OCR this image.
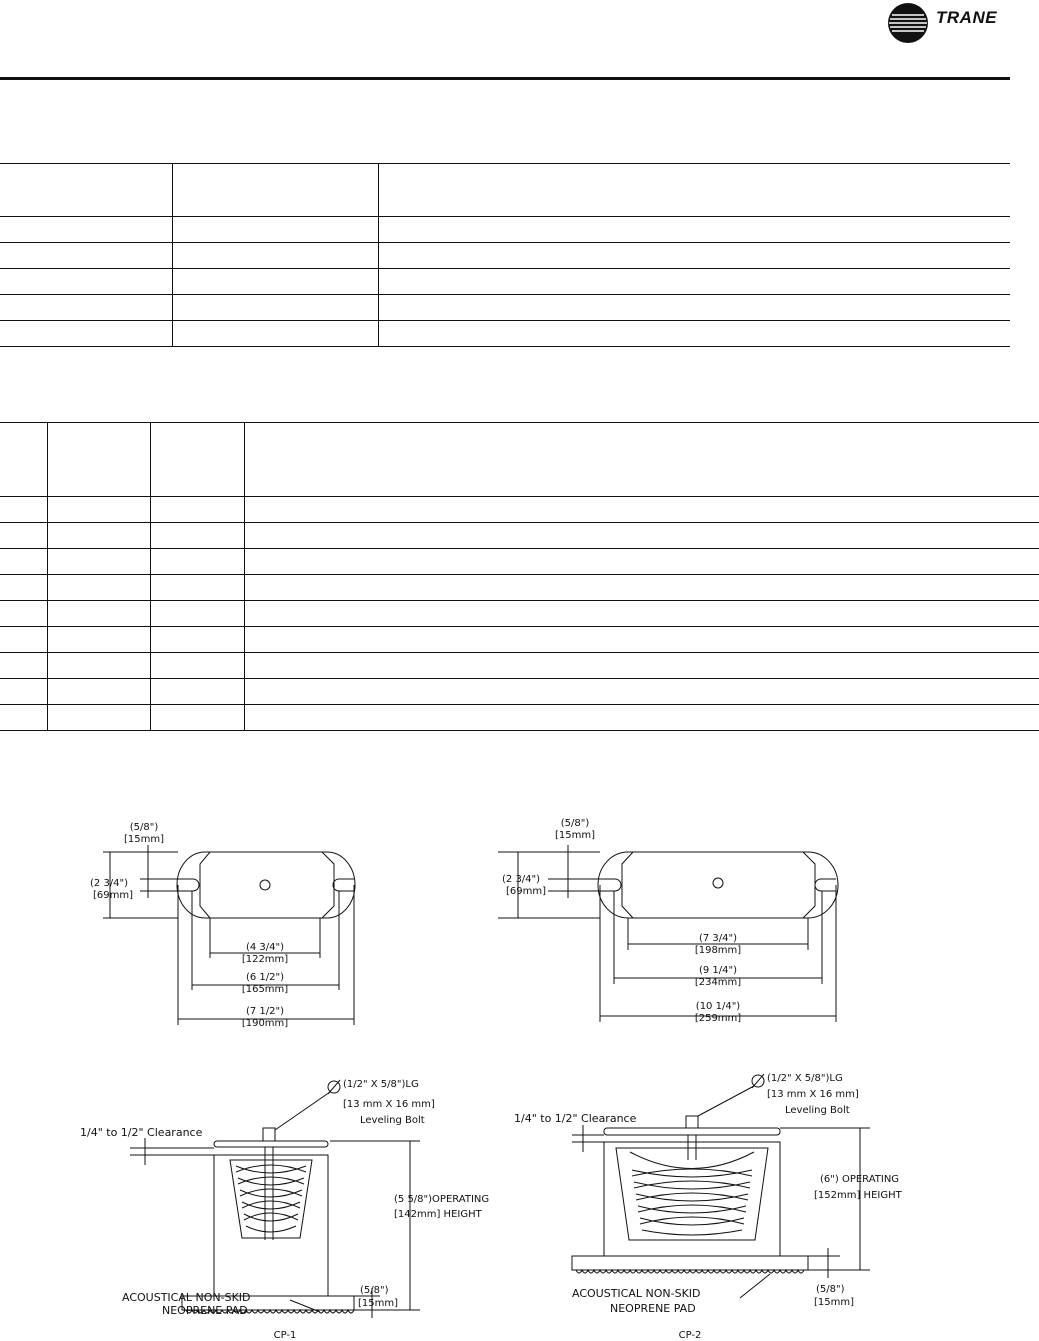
TRANE

(5/8")
[15mm]
(2 3/4")
[69mm]
(4 3/4")
[122mm]
(6 1/2")
[165mm]
(7 1/2")
[190mm]
(1/2" X 5/8")LG
[13 mm X 16 mm]
Leveling Bolt
1/4" to 1/2" Clearance
(5 5/8")OPERATING
[142mm] HEIGHT
ACOUSTICAL NON-SKID
NEOPRENE PAD
(5/8")
[15mm]
CP-1
(5/8")
[15mm]
(2 3/4")
[69mm]
(7 3/4")
[198mm]
(9 1/4")
[234mm]
(10 1/4")
[259mm]
(1/2" X 5/8")LG
[13 mm X 16 mm]
Leveling Bolt
1/4" to 1/2" Clearance
(6") OPERATING
[152mm] HEIGHT
ACOUSTICAL NON-SKID
NEOPRENE PAD
(5/8")
[15mm]
CP-2
